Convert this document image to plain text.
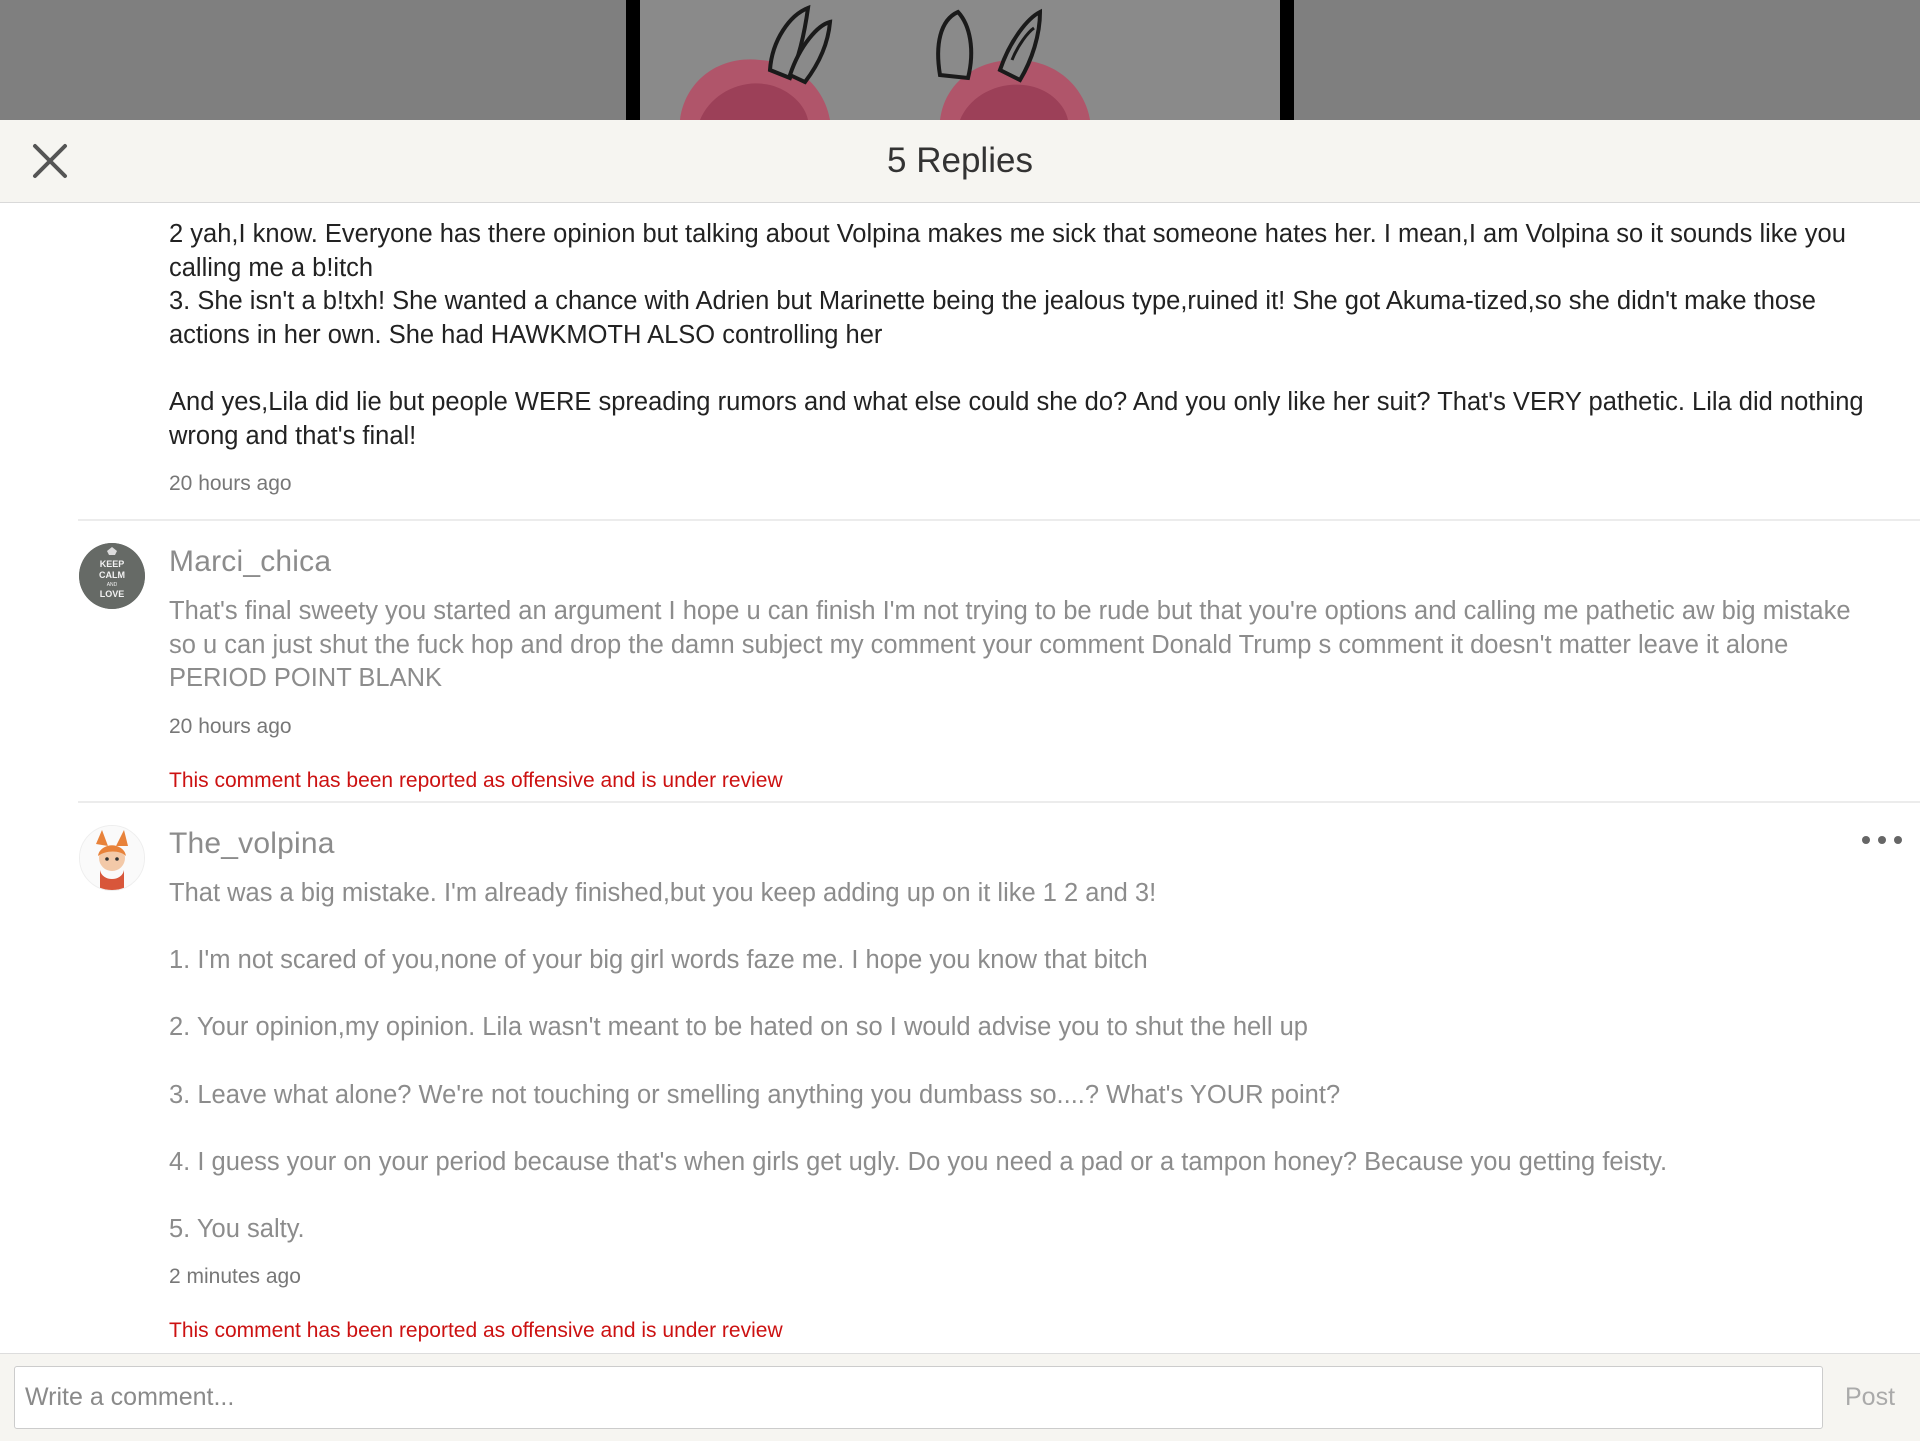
5 Replies

2 yah,I know. Everyone has there opinion but talking about Volpina makes me sick that someone hates her. I mean,I am Volpina so it sounds like you calling me a b!itch

3. She isn't a b!txh! She wanted a chance with Adrien but Marinette being the jealous type,ruined it! She got Akuma-tized,so she didn't make those actions in her own. She had HAWKMOTH ALSO controlling her

And yes,Lila did lie but people WERE spreading rumors and what else could she do? And you only like her suit? That's VERY pathetic. Lila did nothing wrong and that's final!

20 hours ago
KEEP
CALM
AND
LOVE
Marci_chica

That's final sweety you started an argument I hope u can finish I'm not trying to be rude but that you're options and calling me pathetic aw big mistake so u can just shut the fuck hop and drop the damn subject my comment your comment Donald Trump s comment it doesn't matter leave it alone PERIOD POINT BLANK

20 hours ago
This comment has been reported as offensive and is under review
The_volpina

That was a big mistake. I'm already finished,but you keep adding up on it like 1 2 and 3!

1. I'm not scared of you,none of your big girl words faze me. I hope you know that bitch

2. Your opinion,my opinion. Lila wasn't meant to be hated on so I would advise you to shut the hell up

3. Leave what alone? We're not touching or smelling anything you dumbass so....? What's YOUR point?

4. I guess your on your period because that's when girls get ugly. Do you need a pad or a tampon honey? Because you getting feisty.

5. You salty.

2 minutes ago
This comment has been reported as offensive and is under review
Write a comment...
Post
